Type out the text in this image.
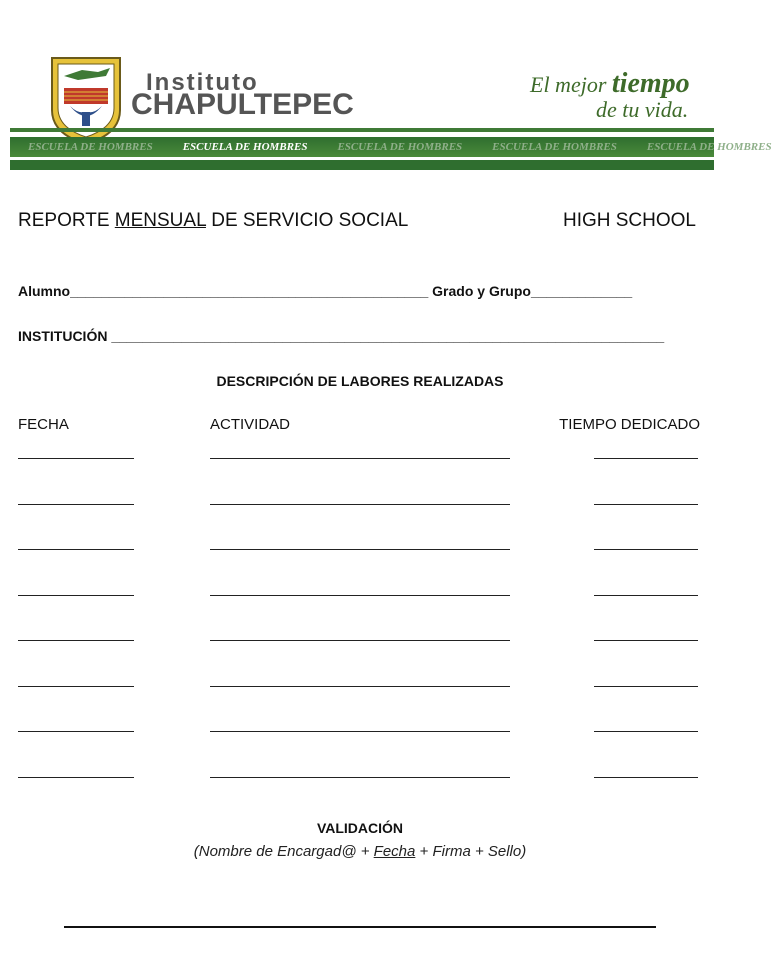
Instituto
CHAPULTEPEC
El mejor tiempo
de tu vida.
ESCUELA DE HOMBRES	ESCUELA DE HOMBRES	ESCUELA DE HOMBRES	ESCUELA DE HOMBRES	ESCUELA DE HOMBRES
REPORTE MENSUAL DE SERVICIO SOCIAL	HIGH SCHOOL
Alumno______________________________________________ Grado y Grupo_____________
INSTITUCIÓN _______________________________________________________________________
DESCRIPCIÓN DE LABORES REALIZADAS
FECHA	ACTIVIDAD	TIEMPO DEDICADO
VALIDACIÓN
(Nombre de Encargad@ + Fecha + Firma + Sello)
